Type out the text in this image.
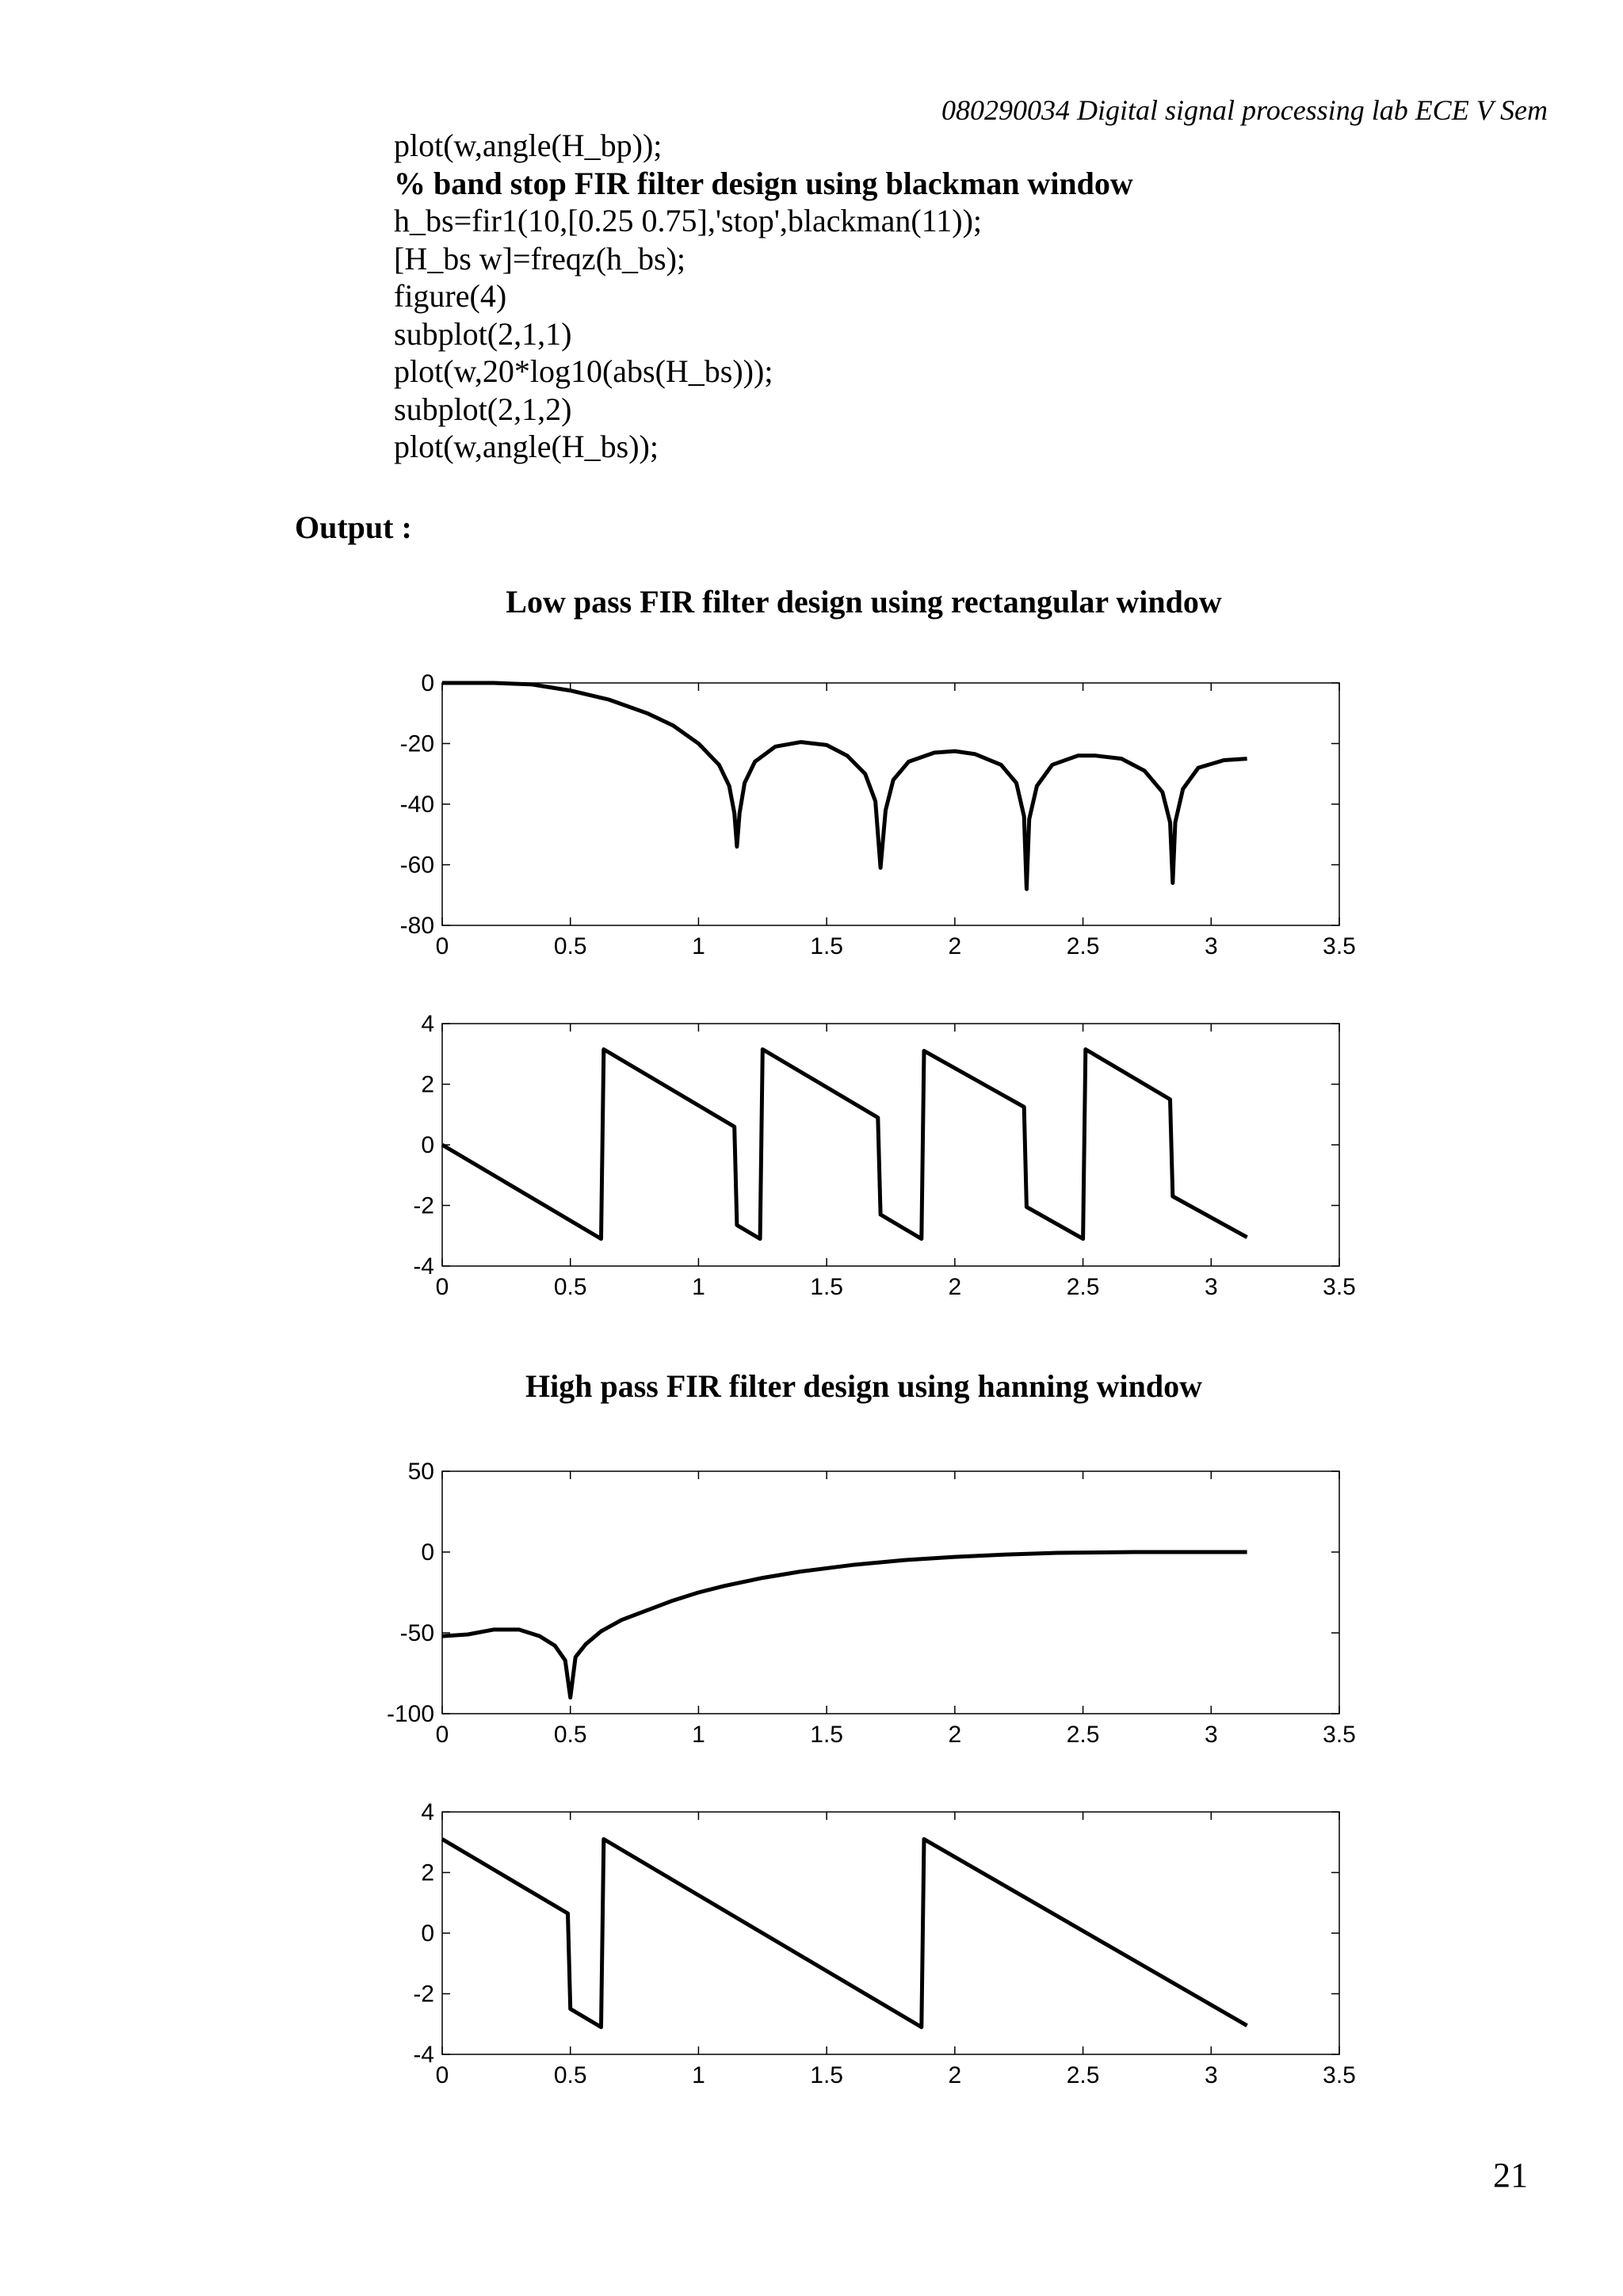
080290034 Digital signal processing lab ECE V Sem
plot(w,angle(H_bp));
% band stop FIR filter design using blackman window
h_bs=fir1(10,[0.25 0.75],'stop',blackman(11));
[H_bs w]=freqz(h_bs);
figure(4)
subplot(2,1,1)
plot(w,20*log10(abs(H_bs)));
subplot(2,1,2)
plot(w,angle(H_bs));
Output :
Low pass FIR filter design using rectangular window
0	0.5	1	1.5	2	2.5	3	3.5
0
-20
-40
-60
-80
0	0.5	1	1.5	2	2.5	3	3.5
4
2
0
-2
-4
High pass FIR filter design using hanning window
0	0.5	1	1.5	2	2.5	3	3.5
50
0
-50
-100
0	0.5	1	1.5	2	2.5	3	3.5
4
2
0
-2
-4
21
